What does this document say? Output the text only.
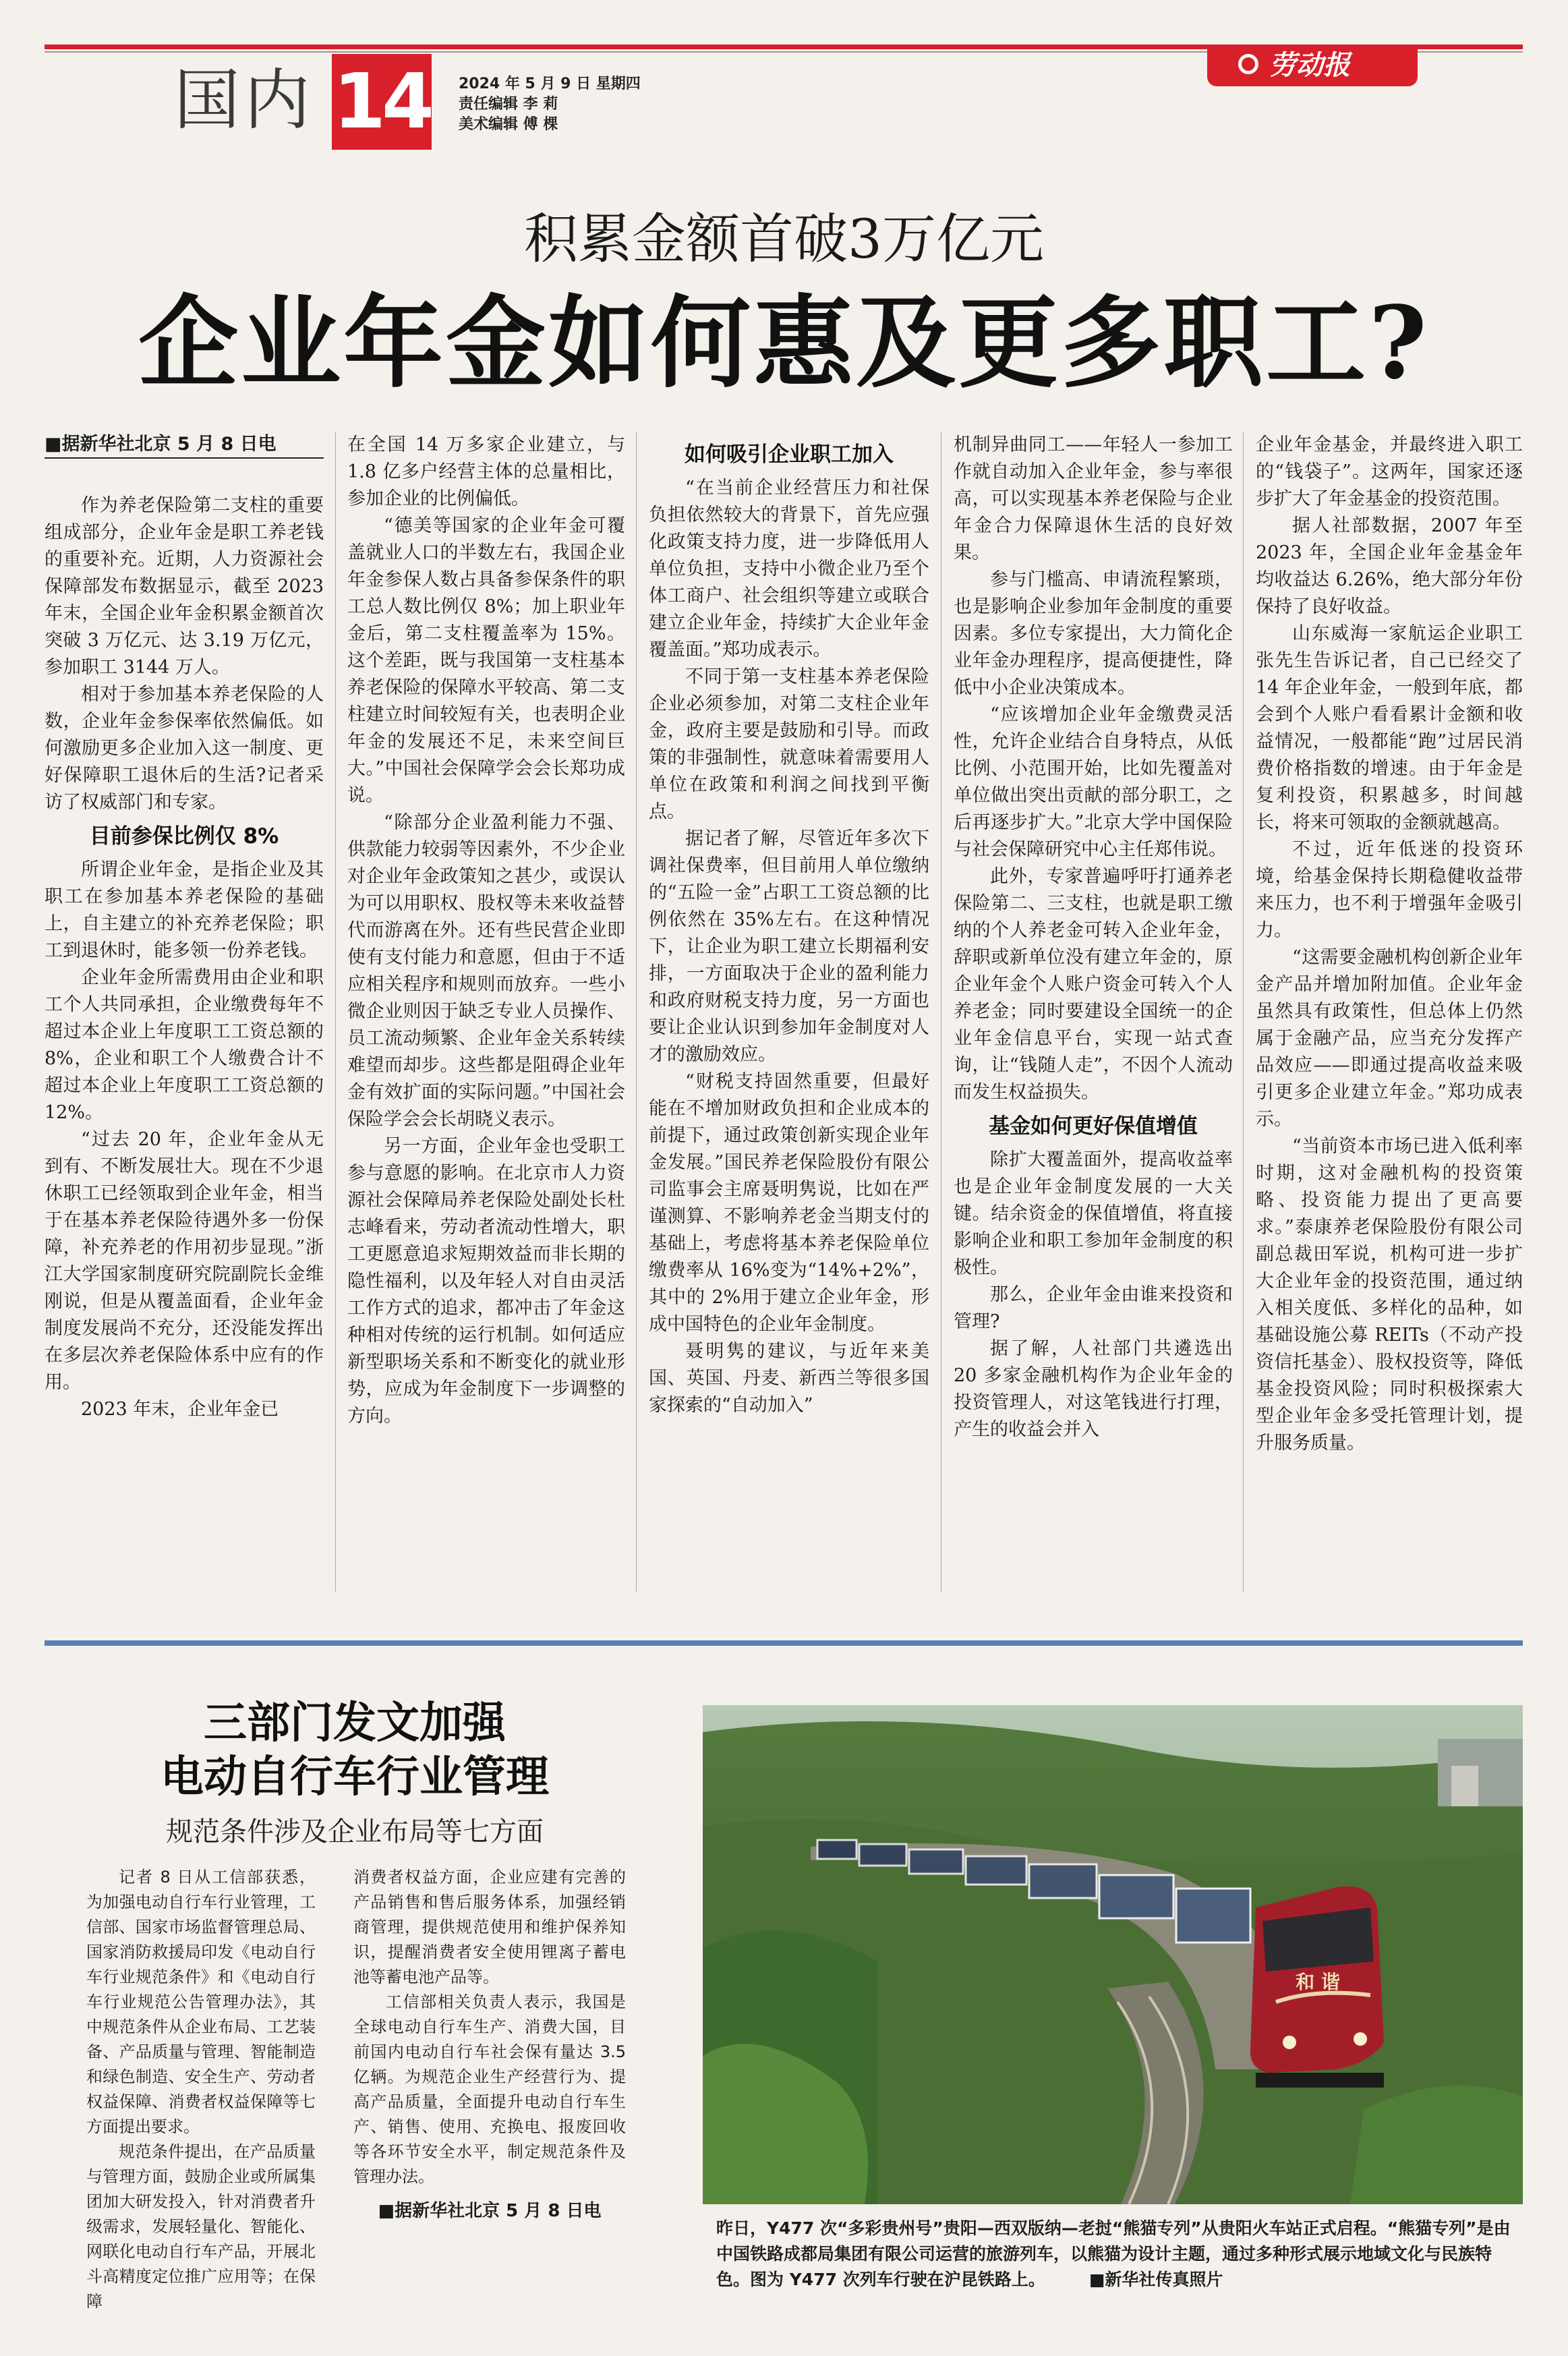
国内 14 2024 年 5 月 9 日 星期四
责任编辑 李 莉
美术编辑 傅 棵
劳动报
积累金额首破3万亿元
企业年金如何惠及更多职工?
■据新华社北京 5 月 8 日电

作为养老保险第二支柱的重要组成部分，企业年金是职工养老钱的重要补充。近期，人力资源社会保障部发布数据显示，截至 2023 年末，全国企业年金积累金额首次突破 3 万亿元、达 3.19 万亿元，参加职工 3144 万人。

相对于参加基本养老保险的人数，企业年金参保率依然偏低。如何激励更多企业加入这一制度、更好保障职工退休后的生活?记者采访了权威部门和专家。

目前参保比例仅 8%

所谓企业年金，是指企业及其职工在参加基本养老保险的基础上，自主建立的补充养老保险；职工到退休时，能多领一份养老钱。

企业年金所需费用由企业和职工个人共同承担，企业缴费每年不超过本企业上年度职工工资总额的 8%，企业和职工个人缴费合计不超过本企业上年度职工工资总额的 12%。

“过去 20 年，企业年金从无到有、不断发展壮大。现在不少退休职工已经领取到企业年金，相当于在基本养老保险待遇外多一份保障，补充养老的作用初步显现。”浙江大学国家制度研究院副院长金维刚说，但是从覆盖面看，企业年金制度发展尚不充分，还没能发挥出在多层次养老保险体系中应有的作用。

2023 年末，企业年金已

在全国 14 万多家企业建立，与 1.8 亿多户经营主体的总量相比，参加企业的比例偏低。

“德美等国家的企业年金可覆盖就业人口的半数左右，我国企业年金参保人数占具备参保条件的职工总人数比例仅 8%；加上职业年金后，第二支柱覆盖率为 15%。这个差距，既与我国第一支柱基本养老保险的保障水平较高、第二支柱建立时间较短有关，也表明企业年金的发展还不足，未来空间巨大。”中国社会保障学会会长郑功成说。

“除部分企业盈利能力不强、供款能力较弱等因素外，不少企业对企业年金政策知之甚少，或误认为可以用职权、股权等未来收益替代而游离在外。还有些民营企业即使有支付能力和意愿，但由于不适应相关程序和规则而放弃。一些小微企业则因于缺乏专业人员操作、员工流动频繁、企业年金关系转续难望而却步。这些都是阻碍企业年金有效扩面的实际问题。”中国社会保险学会会长胡晓义表示。

另一方面，企业年金也受职工参与意愿的影响。在北京市人力资源社会保障局养老保险处副处长杜志峰看来，劳动者流动性增大，职工更愿意追求短期效益而非长期的隐性福利，以及年轻人对自由灵活工作方式的追求，都冲击了年金这种相对传统的运行机制。如何适应新型职场关系和不断变化的就业形势，应成为年金制度下一步调整的方向。

如何吸引企业职工加入

“在当前企业经营压力和社保负担依然较大的背景下，首先应强化政策支持力度，进一步降低用人单位负担，支持中小微企业乃至个体工商户、社会组织等建立或联合建立企业年金，持续扩大企业年金覆盖面。”郑功成表示。

不同于第一支柱基本养老保险企业必须参加，对第二支柱企业年金，政府主要是鼓励和引导。而政策的非强制性，就意味着需要用人单位在政策和利润之间找到平衡点。

据记者了解，尽管近年多次下调社保费率，但目前用人单位缴纳的“五险一金”占职工工资总额的比例依然在 35%左右。在这种情况下，让企业为职工建立长期福利安排，一方面取决于企业的盈利能力和政府财税支持力度，另一方面也要让企业认识到参加年金制度对人才的激励效应。

“财税支持固然重要，但最好能在不增加财政负担和企业成本的前提下，通过政策创新实现企业年金发展。”国民养老保险股份有限公司监事会主席聂明隽说，比如在严谨测算、不影响养老金当期支付的基础上，考虑将基本养老保险单位缴费率从 16%变为“14%+2%”，其中的 2%用于建立企业年金，形成中国特色的企业年金制度。

聂明隽的建议，与近年来美国、英国、丹麦、新西兰等很多国家探索的“自动加入”

机制异曲同工——年轻人一参加工作就自动加入企业年金，参与率很高，可以实现基本养老保险与企业年金合力保障退休生活的良好效果。

参与门槛高、申请流程繁琐，也是影响企业参加年金制度的重要因素。多位专家提出，大力简化企业年金办理程序，提高便捷性，降低中小企业决策成本。

“应该增加企业年金缴费灵活性，允许企业结合自身特点，从低比例、小范围开始，比如先覆盖对单位做出突出贡献的部分职工，之后再逐步扩大。”北京大学中国保险与社会保障研究中心主任郑伟说。

此外，专家普遍呼吁打通养老保险第二、三支柱，也就是职工缴纳的个人养老金可转入企业年金，辞职或新单位没有建立年金的，原企业年金个人账户资金可转入个人养老金；同时要建设全国统一的企业年金信息平台，实现一站式查询，让“钱随人走”，不因个人流动而发生权益损失。

基金如何更好保值增值

除扩大覆盖面外，提高收益率也是企业年金制度发展的一大关键。结余资金的保值增值，将直接影响企业和职工参加年金制度的积极性。

那么，企业年金由谁来投资和管理?

据了解，人社部门共遴选出 20 多家金融机构作为企业年金的投资管理人，对这笔钱进行打理，产生的收益会并入

企业年金基金，并最终进入职工的“钱袋子”。这两年，国家还逐步扩大了年金基金的投资范围。

据人社部数据，2007 年至 2023 年，全国企业年金基金年均收益达 6.26%，绝大部分年份保持了良好收益。

山东威海一家航运企业职工张先生告诉记者，自己已经交了 14 年企业年金，一般到年底，都会到个人账户看看累计金额和收益情况，一般都能“跑”过居民消费价格指数的增速。由于年金是复利投资，积累越多，时间越长，将来可领取的金额就越高。

不过，近年低迷的投资环境，给基金保持长期稳健收益带来压力，也不利于增强年金吸引力。

“这需要金融机构创新企业年金产品并增加附加值。企业年金虽然具有政策性，但总体上仍然属于金融产品，应当充分发挥产品效应——即通过提高收益来吸引更多企业建立年金。”郑功成表示。

“当前资本市场已进入低利率时期，这对金融机构的投资策略、投资能力提出了更高要求。”泰康养老保险股份有限公司副总裁田军说，机构可进一步扩大企业年金的投资范围，通过纳入相关度低、多样化的品种，如基础设施公募 REITs（不动产投资信托基金）、股权投资等，降低基金投资风险；同时积极探索大型企业年金多受托管理计划，提升服务质量。

三部门发文加强
电动自行车行业管理
规范条件涉及企业布局等七方面

记者 8 日从工信部获悉，为加强电动自行车行业管理，工信部、国家市场监督管理总局、国家消防救援局印发《电动自行车行业规范条件》和《电动自行车行业规范公告管理办法》，其中规范条件从企业布局、工艺装备、产品质量与管理、智能制造和绿色制造、安全生产、劳动者权益保障、消费者权益保障等七方面提出要求。

规范条件提出，在产品质量与管理方面，鼓励企业或所属集团加大研发投入，针对消费者升级需求，发展轻量化、智能化、网联化电动自行车产品，开展北斗高精度定位推广应用等；在保障

消费者权益方面，企业应建有完善的产品销售和售后服务体系，加强经销商管理，提供规范使用和维护保养知识，提醒消费者安全使用锂离子蓄电池等蓄电池产品等。

工信部相关负责人表示，我国是全球电动自行车生产、消费大国，目前国内电动自行车社会保有量达 3.5 亿辆。为规范企业生产经营行为、提高产品质量，全面提升电动自行车生产、销售、使用、充换电、报废回收等各环节安全水平，制定规范条件及管理办法。

■据新华社北京 5 月 8 日电
和 谐
昨日，Y477 次“多彩贵州号”贵阳—西双版纳—老挝“熊猫专列”从贵阳火车站正式启程。“熊猫专列”是由中国铁路成都局集团有限公司运营的旅游列车，以熊猫为设计主题，通过多种形式展示地域文化与民族特色。图为 Y477 次列车行驶在沪昆铁路上。	■新华社传真照片
